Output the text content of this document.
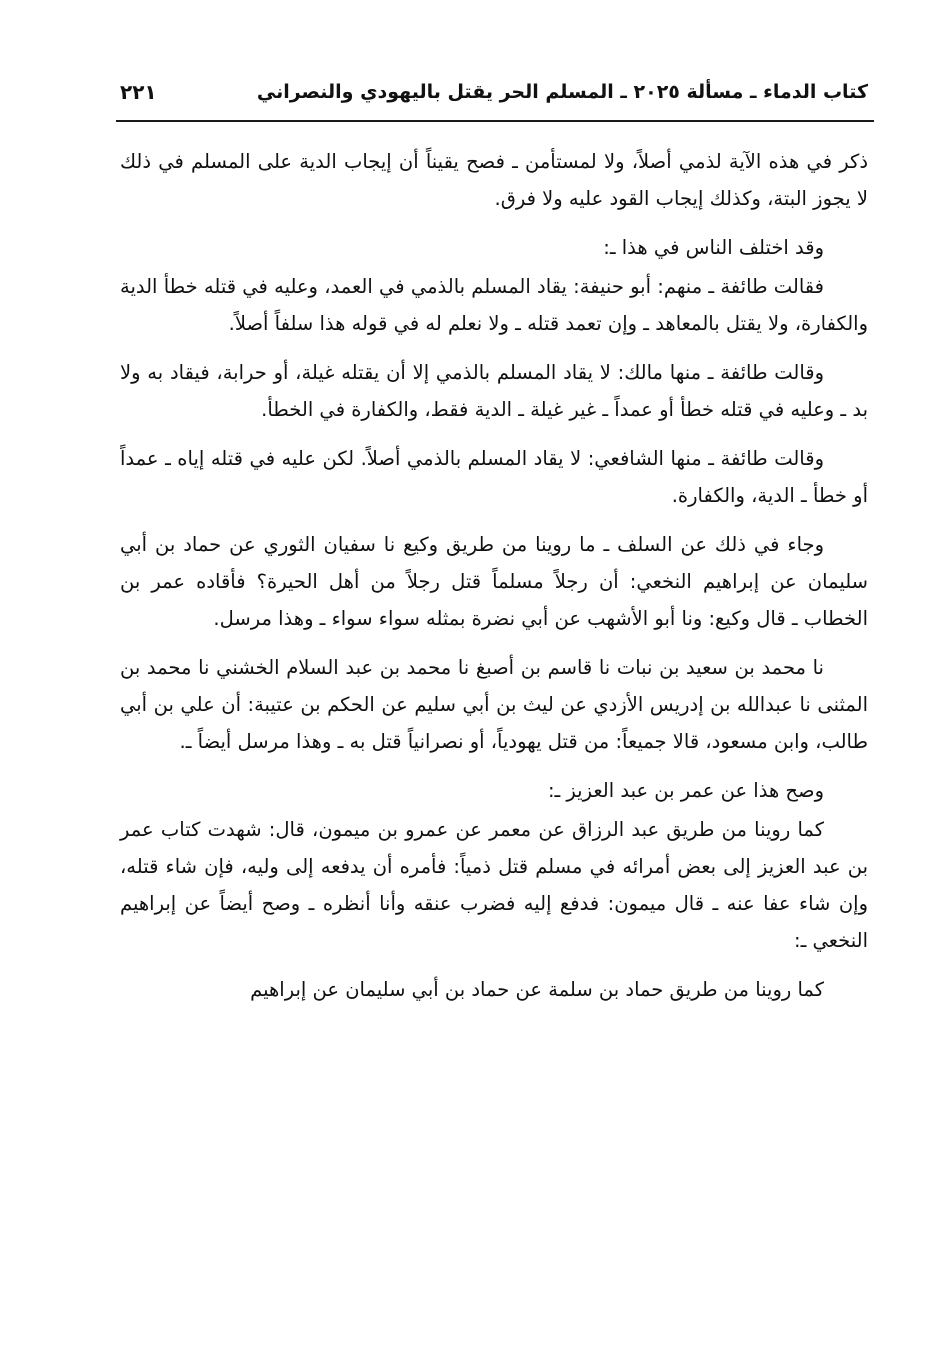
كتاب الدماء ـ مسألة ٢٠٢٥ ـ المسلم الحر يقتل باليهودي والنصراني
٢٢١

ذكر في هذه الآية لذمي أصلاً، ولا لمستأمن ـ فصح يقيناً أن إيجاب الدية على المسلم في ذلك لا يجوز البتة، وكذلك إيجاب القود عليه ولا فرق.

وقد اختلف الناس في هذا ـ:

فقالت طائفة ـ منهم: أبو حنيفة: يقاد المسلم بالذمي في العمد، وعليه في قتله خطأ الدية والكفارة، ولا يقتل بالمعاهد ـ وإن تعمد قتله ـ ولا نعلم له في قوله هذا سلفاً أصلاً.

وقالت طائفة ـ منها مالك: لا يقاد المسلم بالذمي إلا أن يقتله غيلة، أو حرابة، فيقاد به ولا بد ـ وعليه في قتله خطأ أو عمداً ـ غير غيلة ـ الدية فقط، والكفارة في الخطأ.

وقالت طائفة ـ منها الشافعي: لا يقاد المسلم بالذمي أصلاً. لكن عليه في قتله إياه ـ عمداً أو خطأ ـ الدية، والكفارة.

وجاء في ذلك عن السلف ـ ما روينا من طريق وكيع نا سفيان الثوري عن حماد بن أبي سليمان عن إبراهيم النخعي: أن رجلاً مسلماً قتل رجلاً من أهل الحيرة؟ فأقاده عمر بن الخطاب ـ قال وكيع: ونا أبو الأشهب عن أبي نضرة بمثله سواء سواء ـ وهذا مرسل.

نا محمد بن سعيد بن نبات نا قاسم بن أصبغ نا محمد بن عبد السلام الخشني نا محمد بن المثنى نا عبدالله بن إدريس الأزدي عن ليث بن أبي سليم عن الحكم بن عتيبة: أن علي بن أبي طالب، وابن مسعود، قالا جميعاً: من قتل يهودياً، أو نصرانياً قتل به ـ وهذا مرسل أيضاً ـ.

وصح هذا عن عمر بن عبد العزيز ـ:

كما روينا من طريق عبد الرزاق عن معمر عن عمرو بن ميمون، قال: شهدت كتاب عمر بن عبد العزيز إلى بعض أمرائه في مسلم قتل ذمياً: فأمره أن يدفعه إلى وليه، فإن شاء قتله، وإن شاء عفا عنه ـ قال ميمون: فدفع إليه فضرب عنقه وأنا أنظره ـ وصح أيضاً عن إبراهيم النخعي ـ:

كما روينا من طريق حماد بن سلمة عن حماد بن أبي سليمان عن إبراهيم
